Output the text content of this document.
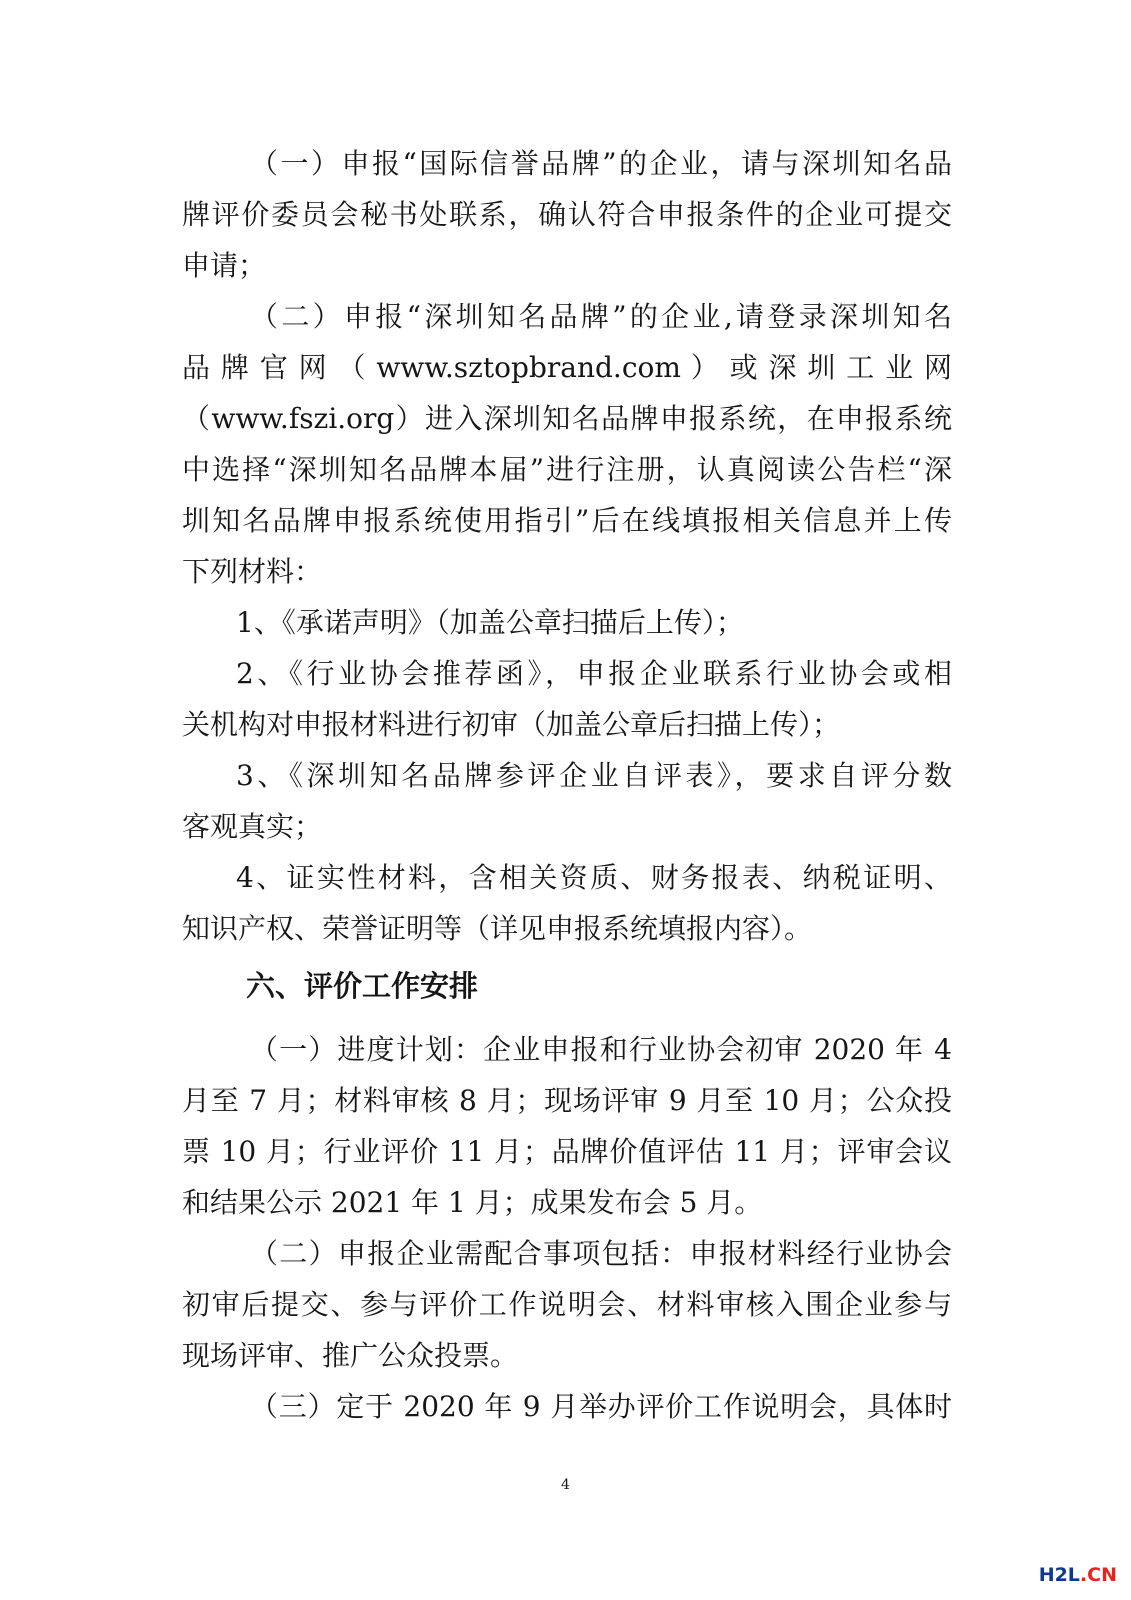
（一）申报“国际信誉品牌”的企业，请与深圳知名品
牌评价委员会秘书处联系，确认符合申报条件的企业可提交
申请；
（二）申报“深圳知名品牌”的企业,请登录深圳知名
品 牌 官 网 （ www.sztopbrand.com ） 或 深 圳 工 业 网
（www.fszi.org）进入深圳知名品牌申报系统，在申报系统
中选择“深圳知名品牌本届”进行注册，认真阅读公告栏“深
圳知名品牌申报系统使用指引”后在线填报相关信息并上传
下列材料：
1、《承诺声明》（加盖公章扫描后上传）；
2、《行业协会推荐函》，申报企业联系行业协会或相
关机构对申报材料进行初审（加盖公章后扫描上传）；
3、《深圳知名品牌参评企业自评表》，要求自评分数
客观真实；
4、证实性材料，含相关资质、财务报表、纳税证明、
知识产权、荣誉证明等（详见申报系统填报内容）。
六、评价工作安排
（一）进度计划：企业申报和行业协会初审 2020 年 4
月至 7 月；材料审核 8 月；现场评审 9 月至 10 月；公众投
票 10 月；行业评价 11 月；品牌价值评估 11 月；评审会议
和结果公示 2021 年 1 月；成果发布会 5 月。
（二）申报企业需配合事项包括：申报材料经行业协会
初审后提交、参与评价工作说明会、材料审核入围企业参与
现场评审、推广公众投票。
（三）定于 2020 年 9 月举办评价工作说明会，具体时
4
H2L .CN
